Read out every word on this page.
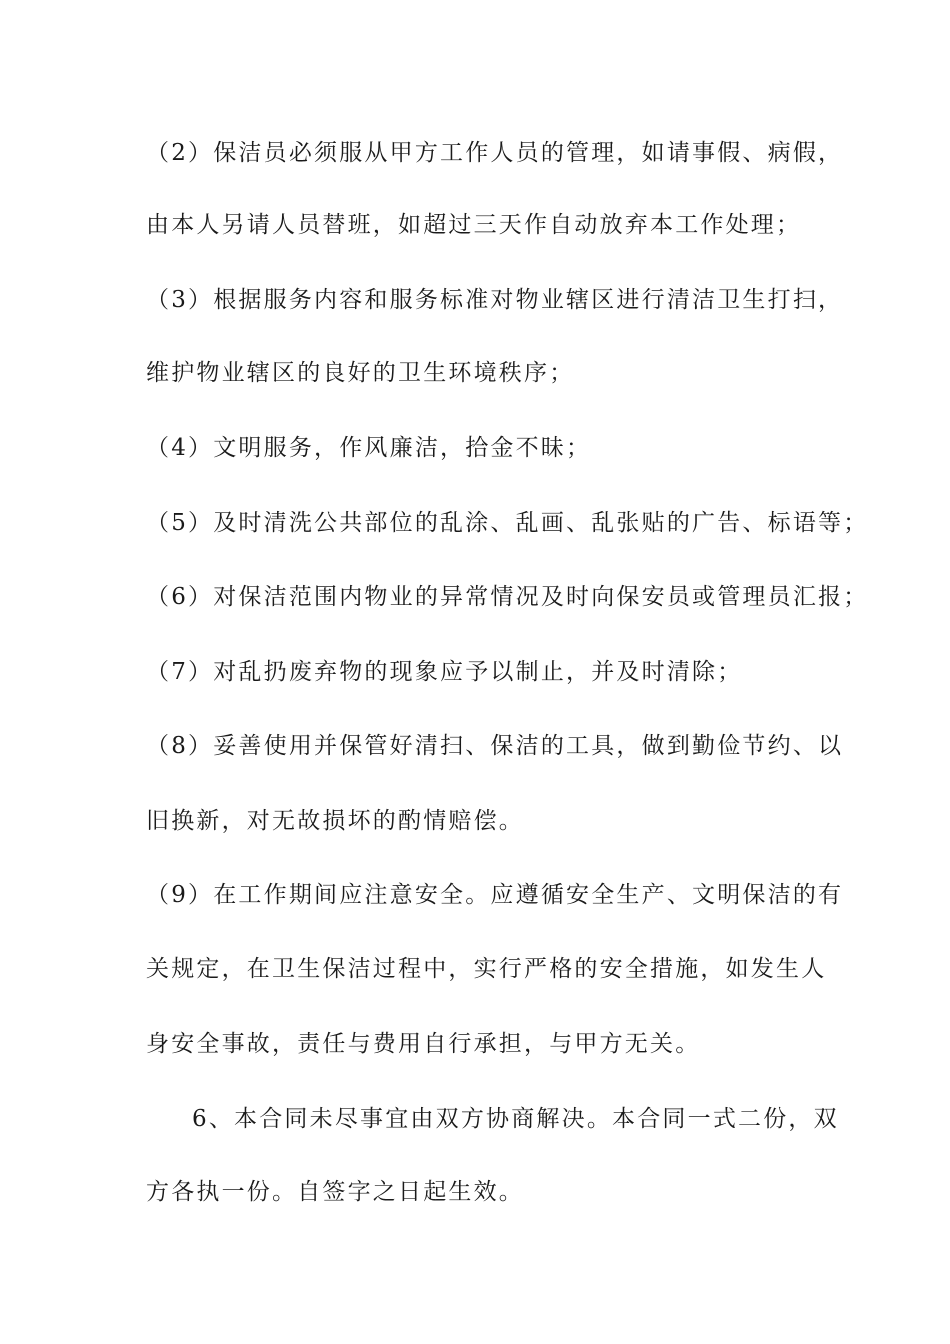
（2）保洁员必须服从甲方工作人员的管理，如请事假、病假，
由本人另请人员替班，如超过三天作自动放弃本工作处理；
（3）根据服务内容和服务标准对物业辖区进行清洁卫生打扫，
维护物业辖区的良好的卫生环境秩序；
（4）文明服务，作风廉洁，拾金不昧；
（5）及时清洗公共部位的乱涂、乱画、乱张贴的广告、标语等；
（6）对保洁范围内物业的异常情况及时向保安员或管理员汇报；
（7）对乱扔废弃物的现象应予以制止，并及时清除；
（8）妥善使用并保管好清扫、保洁的工具，做到勤俭节约、以
旧换新，对无故损坏的酌情赔偿。
（9）在工作期间应注意安全。应遵循安全生产、文明保洁的有
关规定，在卫生保洁过程中，实行严格的安全措施，如发生人
身安全事故，责任与费用自行承担，与甲方无关。
6、本合同未尽事宜由双方协商解决。本合同一式二份，双
方各执一份。自签字之日起生效。
